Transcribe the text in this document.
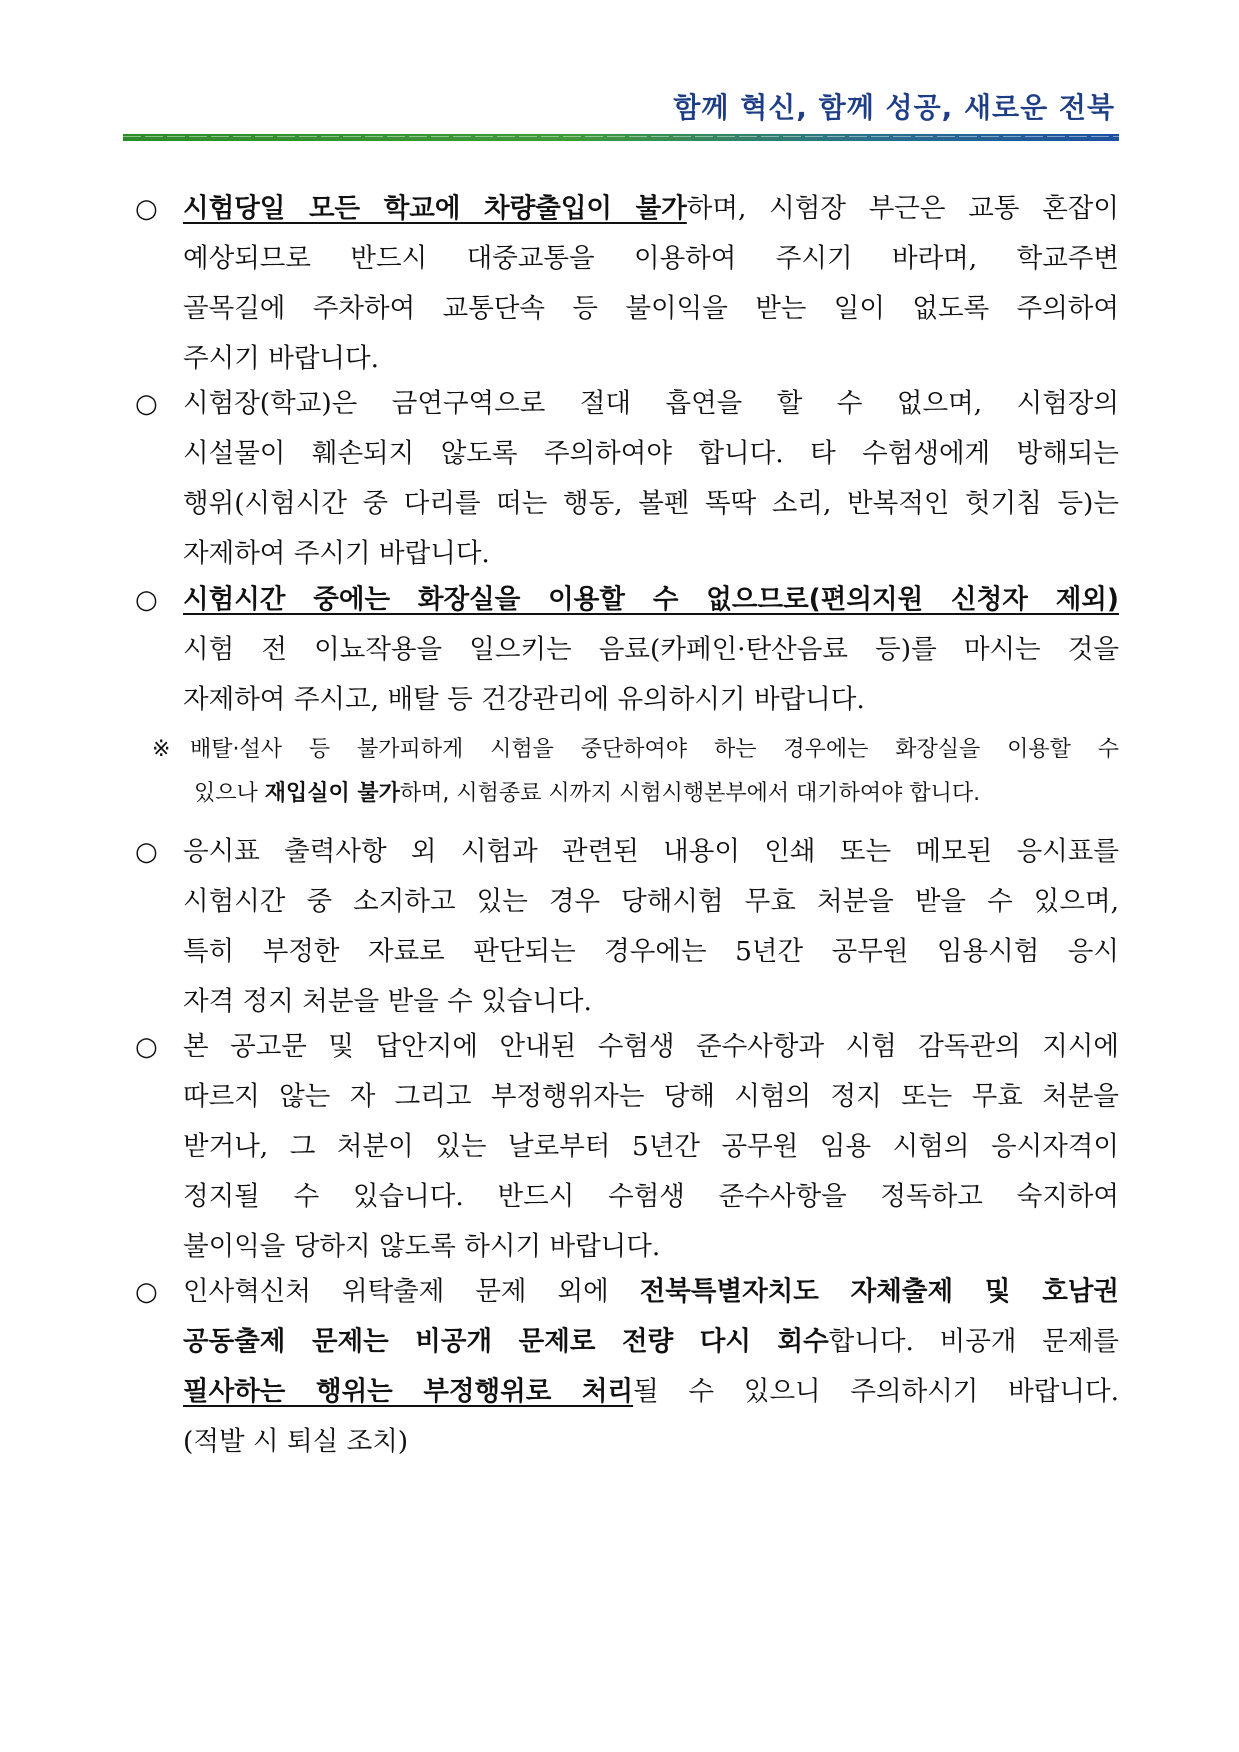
함께 혁신, 함께 성공, 새로운 전북
○ 시험당일 모든 학교에 차량출입이 불가하며, 시험장 부근은 교통 혼잡이
예상되므로 반드시 대중교통을 이용하여 주시기 바라며, 학교주변
골목길에 주차하여 교통단속 등 불이익을 받는 일이 없도록 주의하여
주시기 바랍니다.
○ 시험장(학교)은 금연구역으로 절대 흡연을 할 수 없으며, 시험장의
시설물이 훼손되지 않도록 주의하여야 합니다. 타 수험생에게 방해되는
행위(시험시간 중 다리를 떠는 행동, 볼펜 똑딱 소리, 반복적인 헛기침 등)는
자제하여 주시기 바랍니다.
○ 시험시간 중에는 화장실을 이용할 수 없으므로(편의지원 신청자 제외)
시험 전 이뇨작용을 일으키는 음료(카페인·탄산음료 등)를 마시는 것을
자제하여 주시고, 배탈 등 건강관리에 유의하시기 바랍니다.
※ 배탈·설사 등 불가피하게 시험을 중단하여야 하는 경우에는 화장실을 이용할 수
있으나 재입실이 불가하며, 시험종료 시까지 시험시행본부에서 대기하여야 합니다.
○ 응시표 출력사항 외 시험과 관련된 내용이 인쇄 또는 메모된 응시표를
시험시간 중 소지하고 있는 경우 당해시험 무효 처분을 받을 수 있으며,
특히 부정한 자료로 판단되는 경우에는 5년간 공무원 임용시험 응시
자격 정지 처분을 받을 수 있습니다.
○ 본 공고문 및 답안지에 안내된 수험생 준수사항과 시험 감독관의 지시에
따르지 않는 자 그리고 부정행위자는 당해 시험의 정지 또는 무효 처분을
받거나, 그 처분이 있는 날로부터 5년간 공무원 임용 시험의 응시자격이
정지될 수 있습니다. 반드시 수험생 준수사항을 정독하고 숙지하여
불이익을 당하지 않도록 하시기 바랍니다.
○ 인사혁신처 위탁출제 문제 외에 전북특별자치도 자체출제 및 호남권
공동출제 문제는 비공개 문제로 전량 다시 회수합니다. 비공개 문제를
필사하는 행위는 부정행위로 처리될 수 있으니 주의하시기 바랍니다.
(적발 시 퇴실 조치)
